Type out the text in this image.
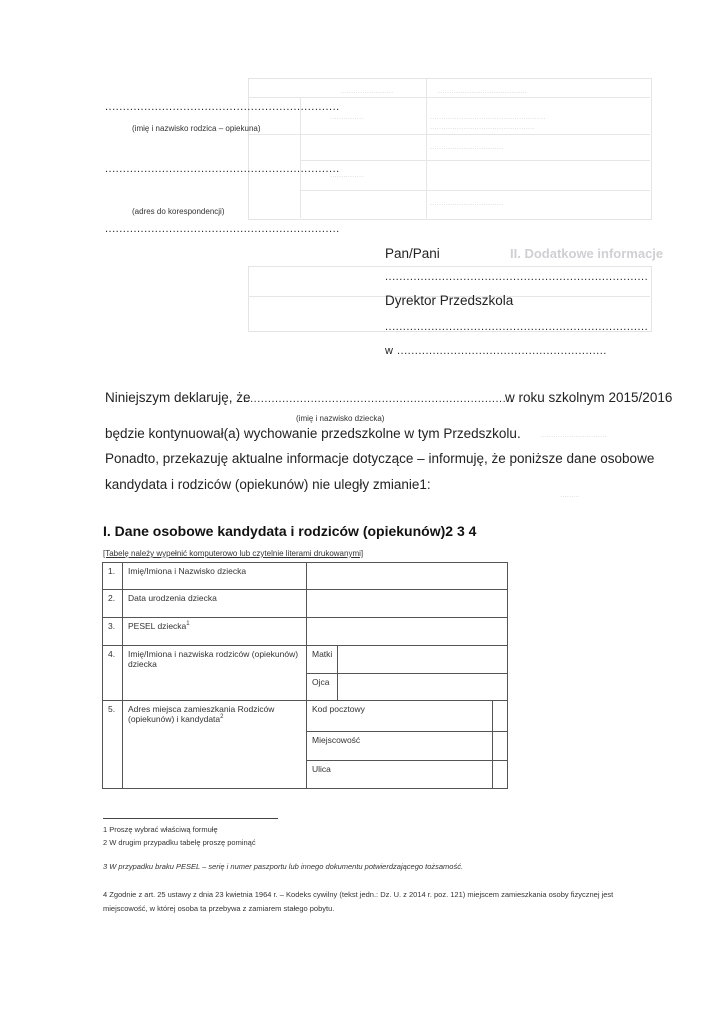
........................	........................................
....................................................
...............................................
...............
...............
.................................
.................................
II. Dodatkowe informacje
..............................
.........
..................................................................
(imię i nazwisko rodzica – opiekuna)
..................................................................
(adres do korespondencji)
..................................................................
Pan/Pani
..........................................................................
Dyrektor Przedszkola
..........................................................................
w ...........................................................
Niniejszym deklaruję, że
............................................................................
w roku szkolnym 2015/2016
(imię i nazwisko dziecka)
będzie kontynuował(a) wychowanie przedszkolne w tym Przedszkolu.
Ponadto, przekazuję aktualne informacje dotyczące – informuję, że poniższe dane osobowe
kandydata i rodziców (opiekunów) nie uległy zmianie1:
I. Dane osobowe kandydata i rodziców (opiekunów)2 3 4
[Tabelę należy wypełnić komputerowo lub czytelnie literami drukowanymi]
1.	Imię/Imiona i Nazwisko dziecka			
2.	Data urodzenia dziecka			
3.	PESEL dziecka$^1$	
4.	Imię/Imiona i nazwiska rodziców (opiekunów) dziecka	Matki		
		Ojca		
5.	Adres miejsca zamieszkania Rodziców (opiekunów) i kandydata$^2$	Kod pocztowy		
		Miejscowość		
		Ulica		
1 Proszę wybrać właściwą formułę
2 W drugim przypadku tabelę proszę pominąć
3 W przypadku braku PESEL – serię i numer paszportu lub innego dokumentu potwierdzającego tożsamość.
4 Zgodnie z art. 25 ustawy z dnia 23 kwietnia 1964 r. – Kodeks cywilny (tekst jedn.: Dz. U. z 2014 r. poz. 121) miejscem zamieszkania osoby fizycznej jest
miejscowość, w której osoba ta przebywa z zamiarem stałego pobytu.
